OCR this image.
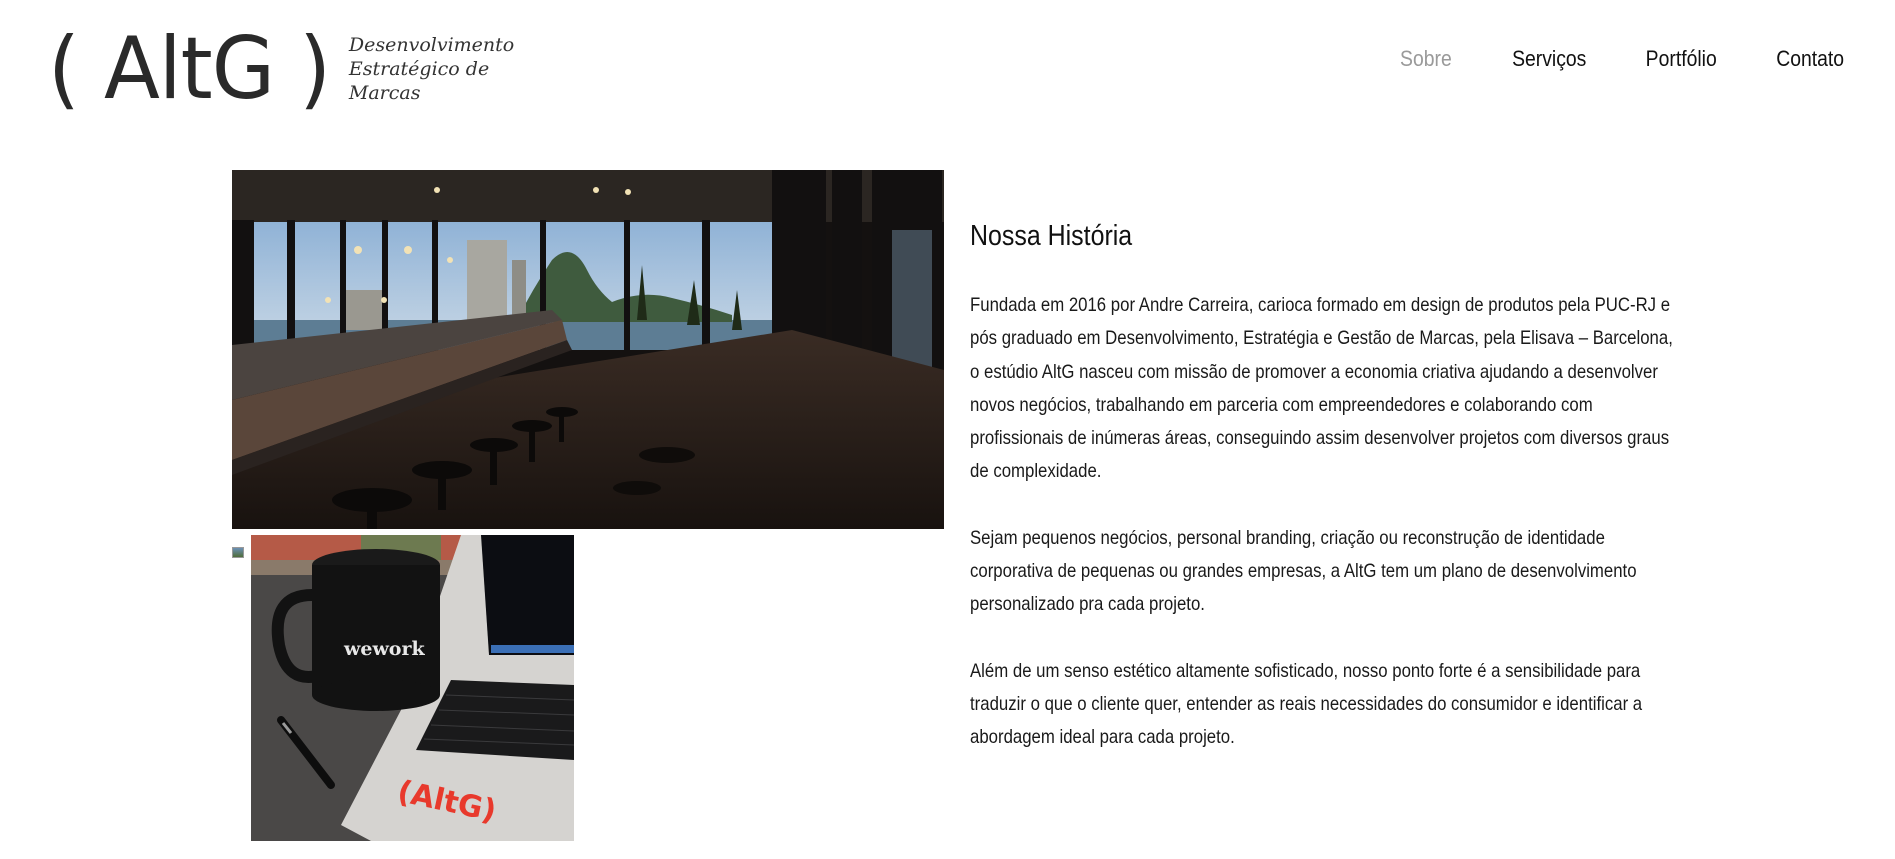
( AltG ) Desenvolvimento
Estratégico de
Marcas
Sobre	Serviços	Portfólio	Contato
(AltG)
wework
Nossa História

Fundada em 2016 por Andre Carreira, carioca formado em design de produtos pela PUC-RJ e pós graduado em Desenvolvimento, Estratégia e Gestão de Marcas, pela Elisava – Barcelona, o estúdio AltG nasceu com missão de promover a economia criativa ajudando a desenvolver novos negócios, trabalhando em parceria com empreendedores e colaborando com profissionais de inúmeras áreas, conseguindo assim desenvolver projetos com diversos graus de complexidade.

Sejam pequenos negócios, personal branding, criação ou reconstrução de identidade corporativa de pequenas ou grandes empresas, a AltG tem um plano de desenvolvimento personalizado pra cada projeto.

Além de um senso estético altamente sofisticado, nosso ponto forte é a sensibilidade para traduzir o que o cliente quer, entender as reais necessidades do consumidor e identificar a abordagem ideal para cada projeto.
